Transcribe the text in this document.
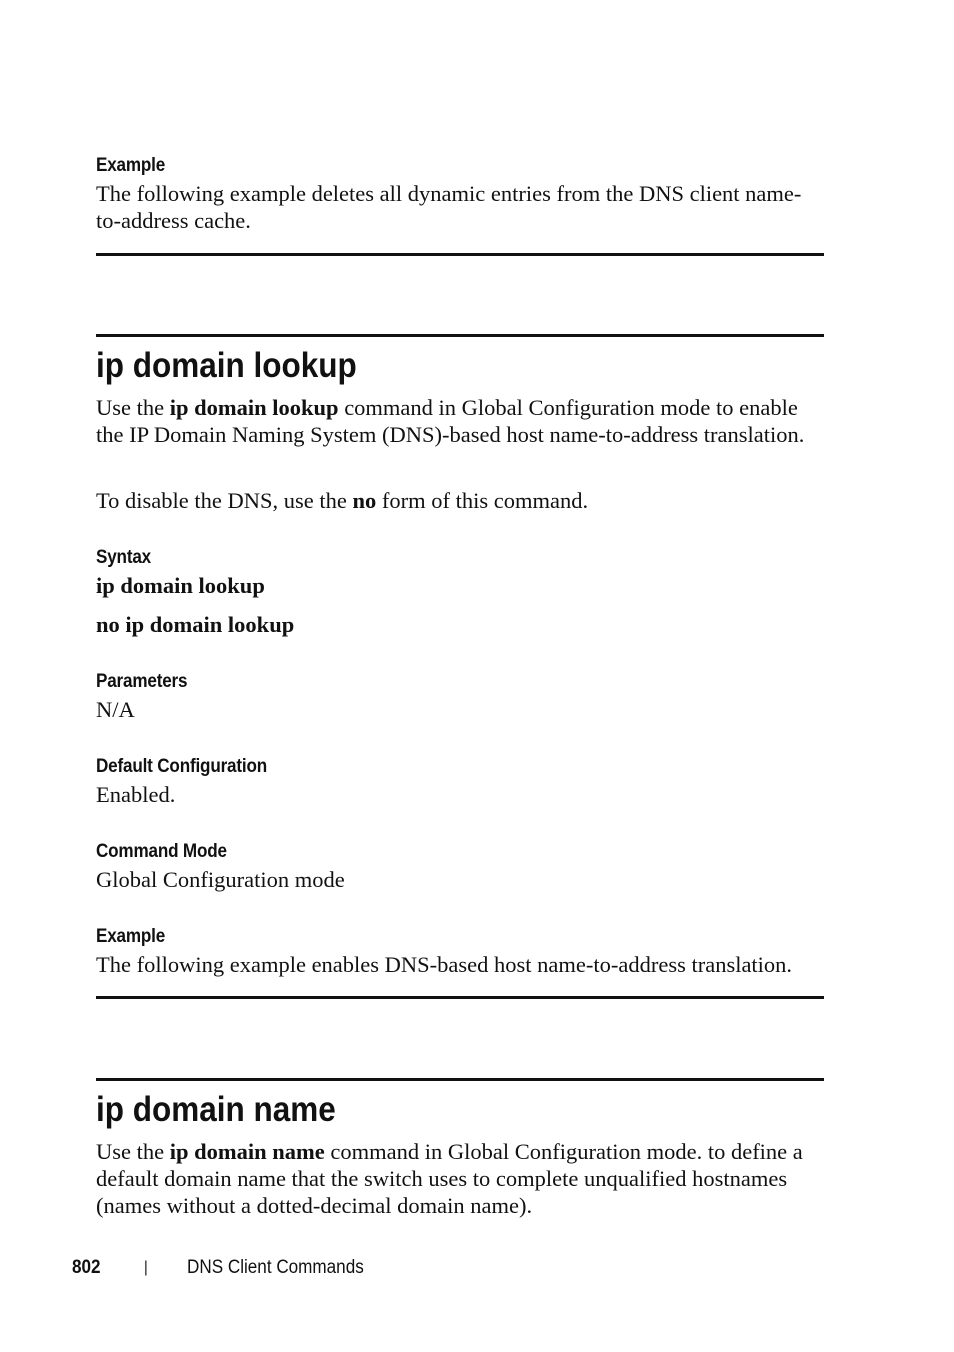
Example
The following example deletes all dynamic entries from the DNS client name-to-address cache.
ip domain lookup
Use the ip domain lookup command in Global Configuration mode to enable the IP Domain Naming System (DNS)-based host name-to-address translation.
To disable the DNS, use the no form of this command.
Syntax
ip domain lookup
no ip domain lookup
Parameters
N/A
Default Configuration
Enabled.
Command Mode
Global Configuration mode
Example
The following example enables DNS-based host name-to-address translation.
ip domain name
Use the ip domain name command in Global Configuration mode. to define a default domain name that the switch uses to complete unqualified hostnames (names without a dotted-decimal domain name).
802	| DNS Client Commands
